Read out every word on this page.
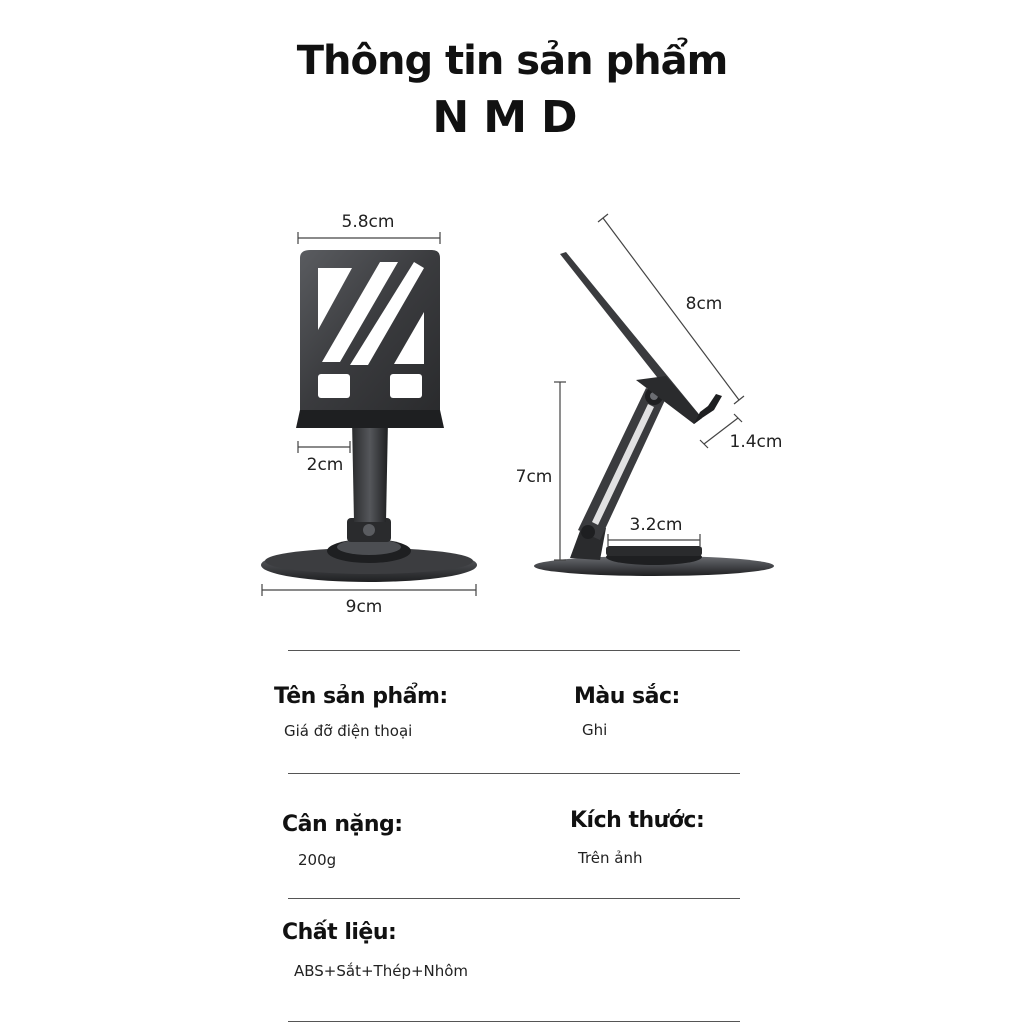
Thông tin sản phẩm
NMD
5.8cm
2cm
9cm
7cm
8cm
1.4cm
3.2cm
Tên sản phẩm:
Giá đỡ điện thoại
Màu sắc:
Ghi
Cân nặng:
200g
Kích thước:
Trên ảnh
Chất liệu:
ABS+Sắt+Thép+Nhôm
